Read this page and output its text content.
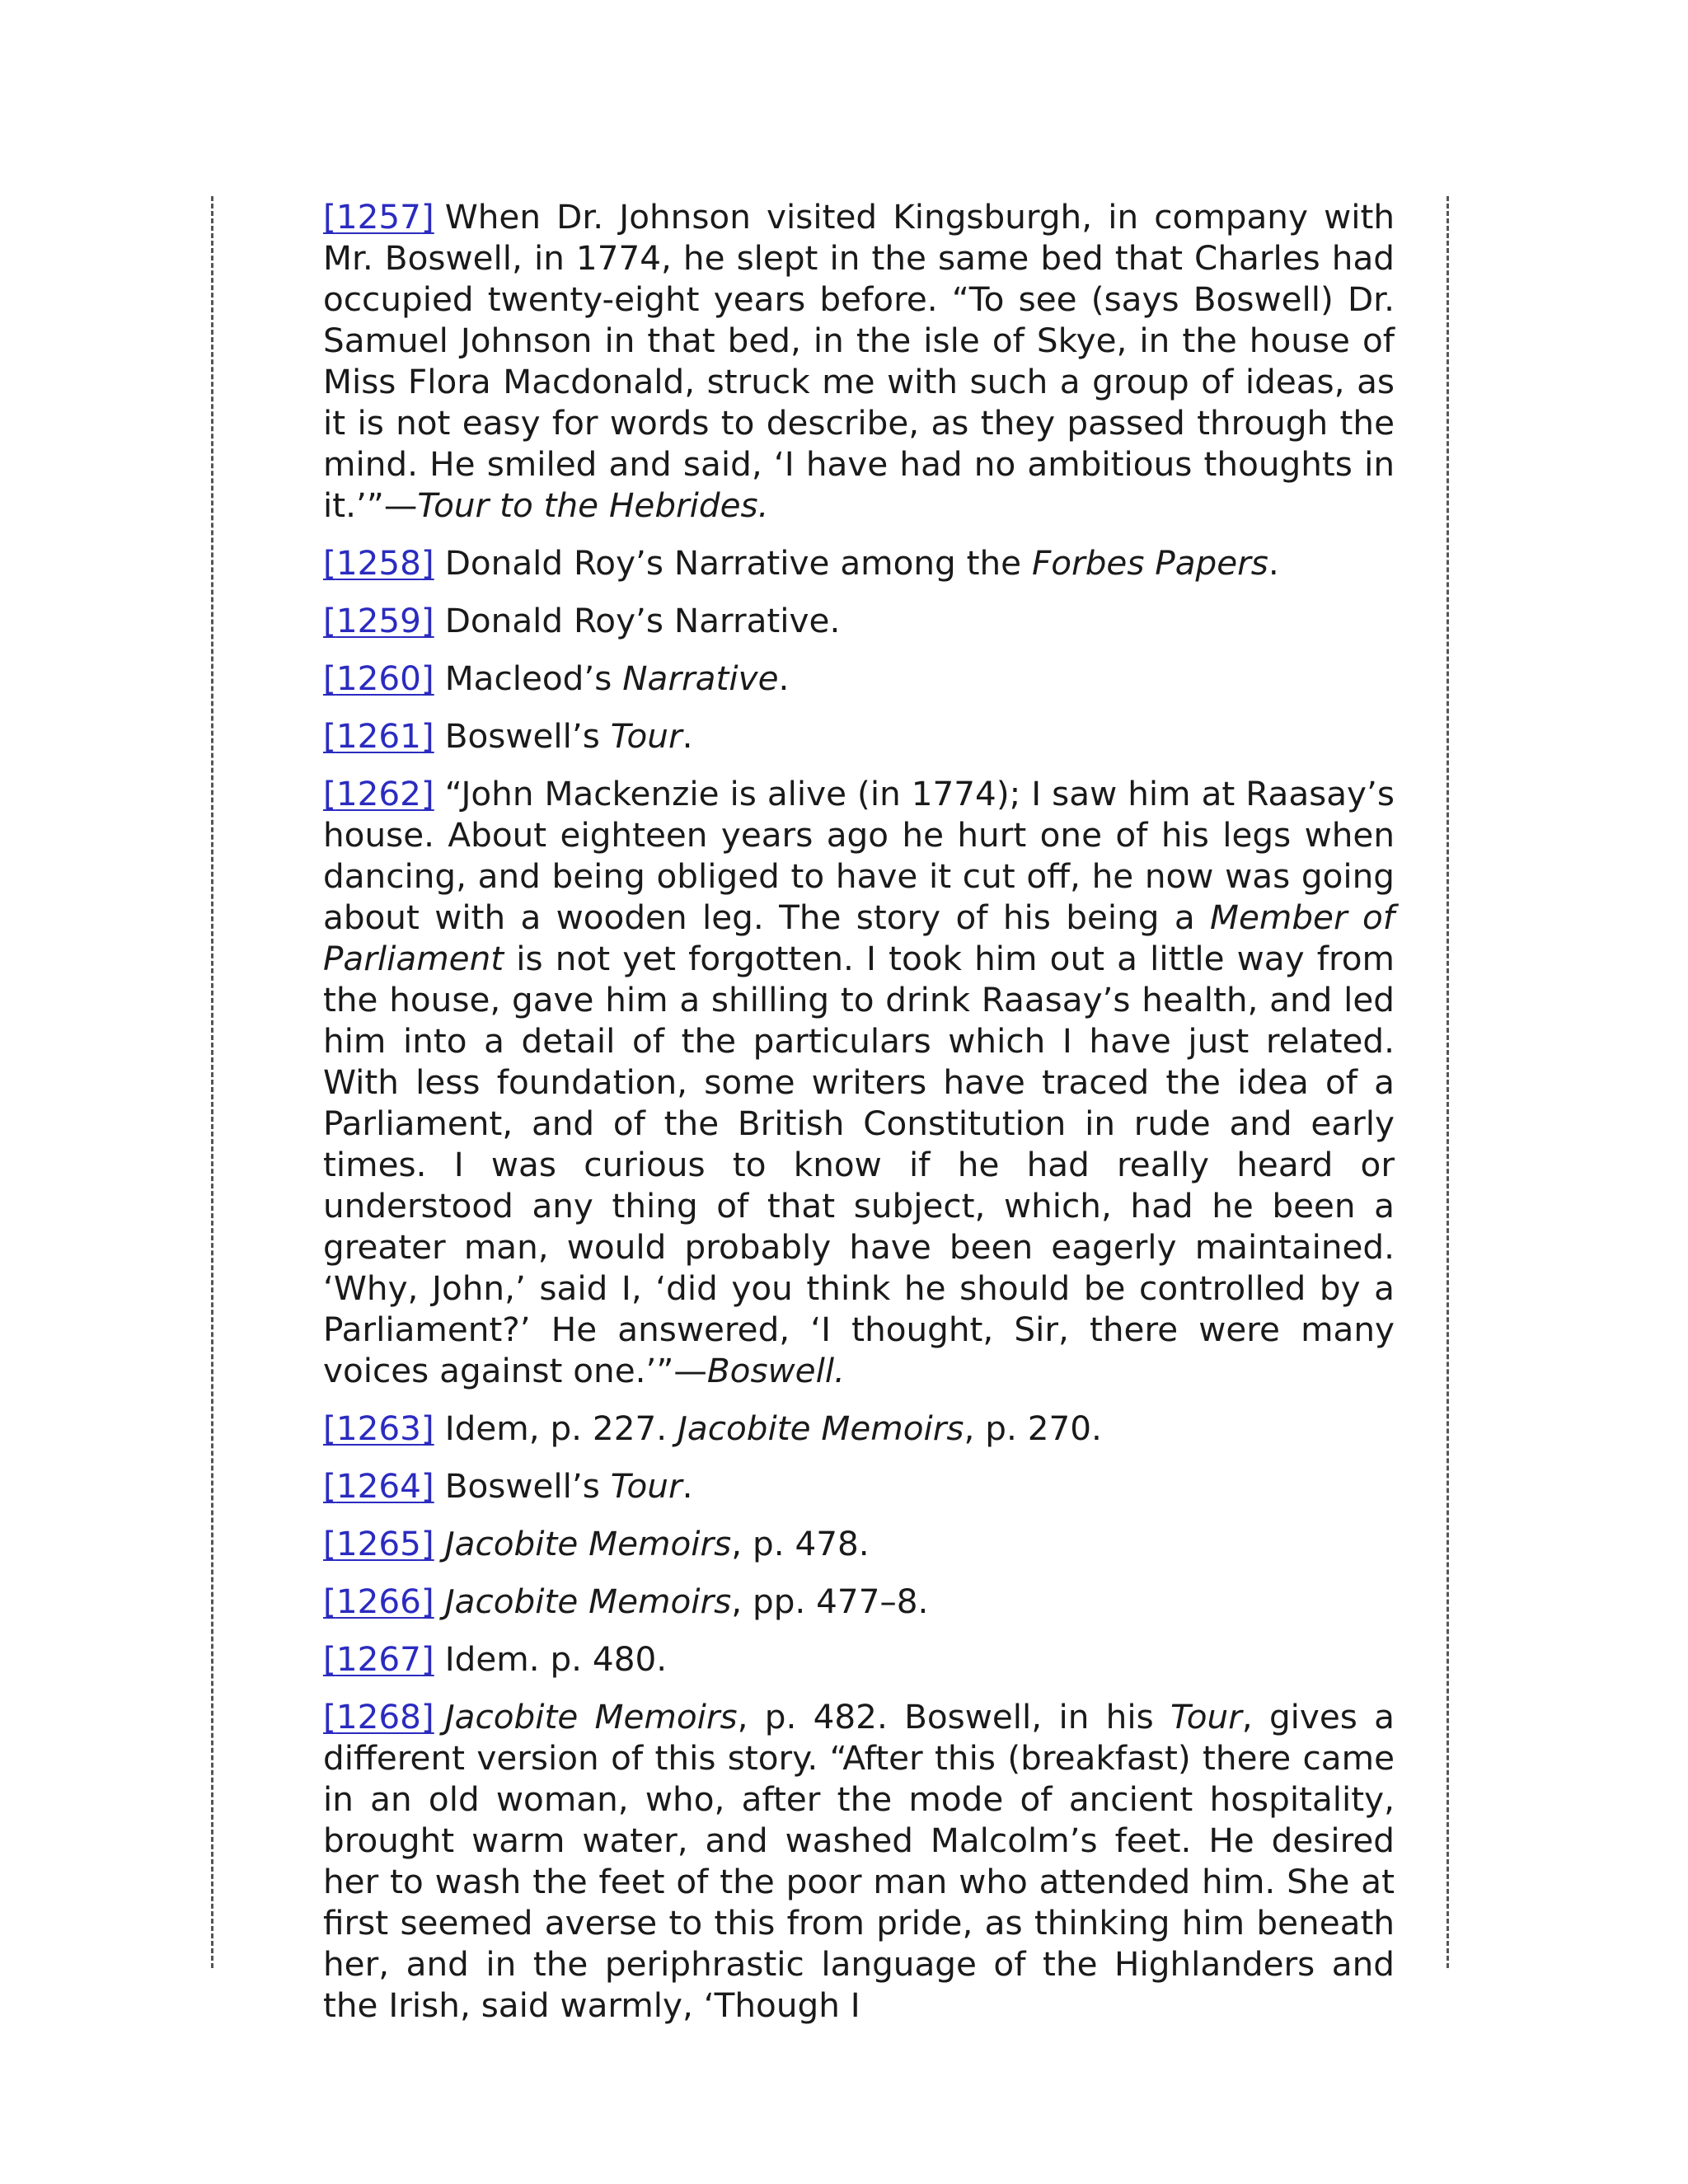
[ 1257 ] When Dr. Johnson visited Kingsburgh, in company with Mr. Boswell, in 1774, he slept in the same bed that Charles had occupied twenty-eight years before. “To see (says Boswell) Dr. Samuel Johnson in that bed, in the isle of Skye, in the house of Miss Flora Macdonald, struck me with such a group of ideas, as it is not easy for words to describe, as they passed through the mind. He smiled and said, ‘I have had no ambitious thoughts in it.’”—Tour to the Hebrides.

[ 1258 ] Donald Roy’s Narrative among the Forbes Papers.

[ 1259 ] Donald Roy’s Narrative.

[ 1260 ] Macleod’s Narrative.

[ 1261 ] Boswell’s Tour.

[ 1262 ] “John Mackenzie is alive (in 1774); I saw him at Raasay’s house. About eighteen years ago he hurt one of his legs when dancing, and being obliged to have it cut off, he now was going about with a wooden leg. The story of his being a Member of Parliament is not yet forgotten. I took him out a little way from the house, gave him a shilling to drink Raasay’s health, and led him into a detail of the particulars which I have just related. With less foundation, some writers have traced the idea of a Parliament, and of the British Constitution in rude and early times. I was curious to know if he had really heard or understood any thing of that subject, which, had he been a greater man, would probably have been eagerly maintained. ‘Why, John,’ said I, ‘did you think he should be controlled by a Parliament?’ He answered, ‘I thought, Sir, there were many voices against one.’”—Boswell.

[ 1263 ] Idem, p. 227. Jacobite Memoirs, p. 270.

[ 1264 ] Boswell’s Tour.

[ 1265 ] Jacobite Memoirs, p. 478.

[ 1266 ] Jacobite Memoirs, pp. 477–8.

[ 1267 ] Idem. p. 480.

[ 1268 ] Jacobite Memoirs, p. 482. Boswell, in his Tour, gives a different version of this story. “After this (breakfast) there came in an old woman, who, after the mode of ancient hospitality, brought warm water, and washed Malcolm’s feet. He desired her to wash the feet of the poor man who attended him. She at first seemed averse to this from pride, as thinking him beneath her, and in the periphrastic language of the Highlanders and the Irish, said warmly, ‘Though I
